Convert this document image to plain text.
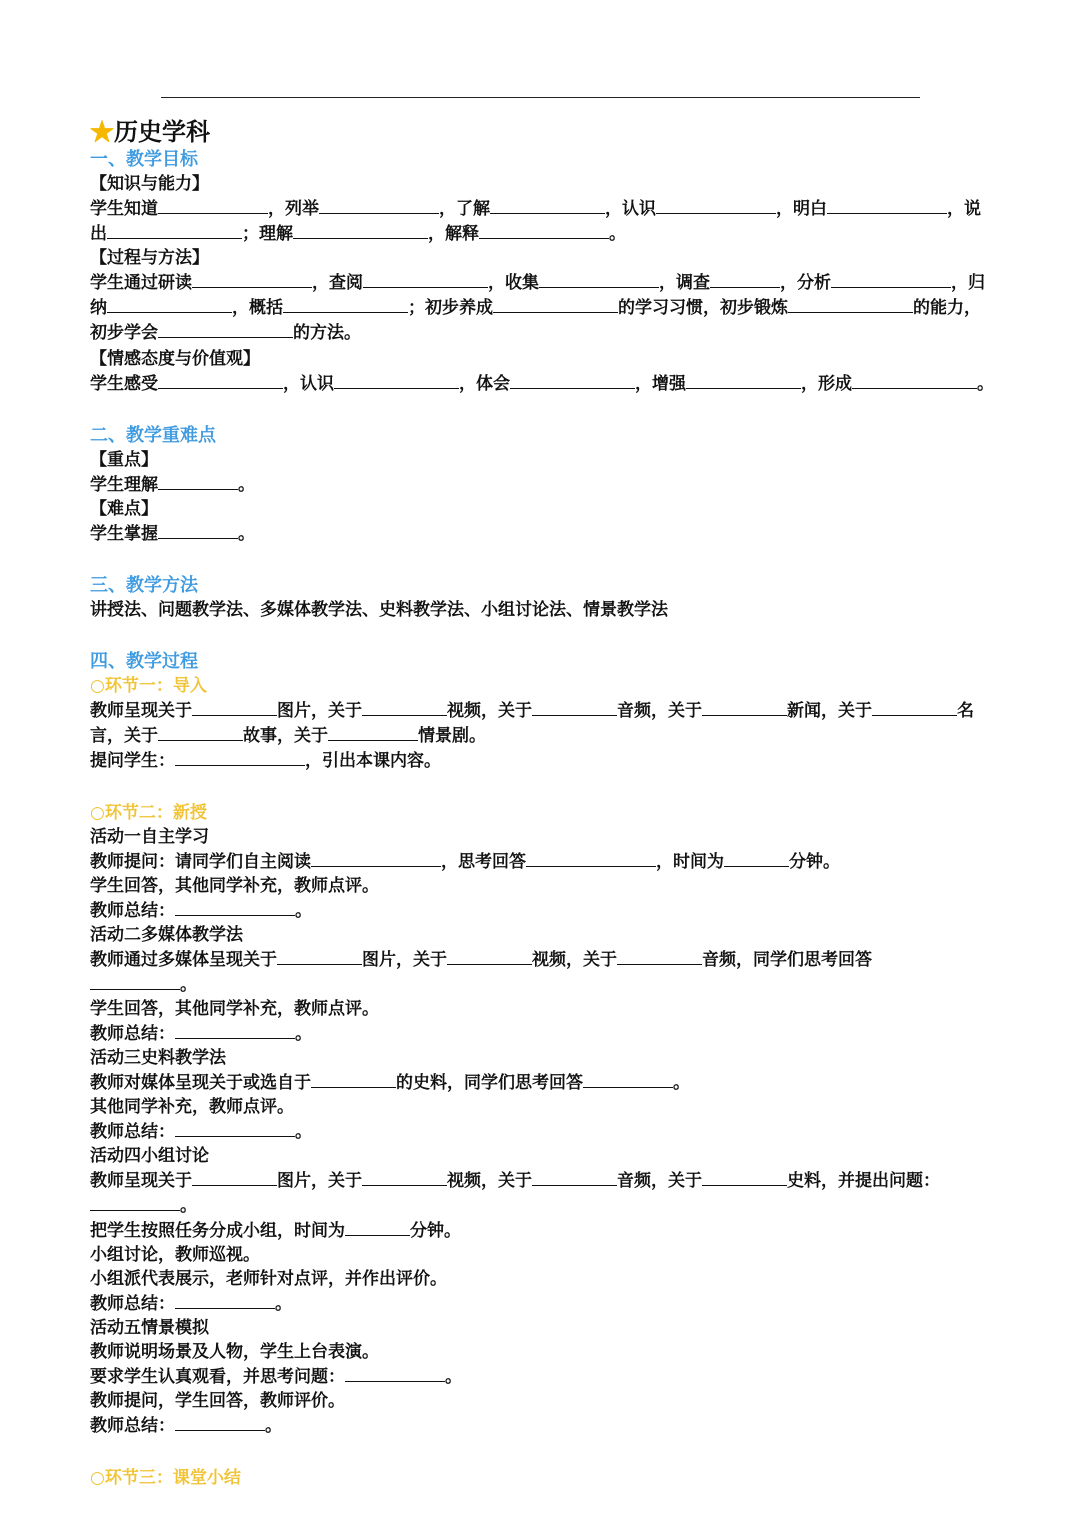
★历史学科
一、教学目标
【知识与能力】
学生知道	，列举	，了解	，认识	，明白	，说
出	；理解	，解释	。
【过程与方法】
学生通过研读	，查阅	，收集	，调查	，分析	，归
纳	，概括	；初步养成	的学习习惯，初步锻炼	的能力，
初步学会	的方法。
【情感态度与价值观】
学生感受	，认识	，体会	，增强	，形成	。
二、教学重难点
【重点】
学生理解	。
【难点】
学生掌握	。
三、教学方法
讲授法、问题教学法、多媒体教学法、史料教学法、小组讨论法、情景教学法
四、教学过程
○环节一：导入
教师呈现关于	图片，关于	视频，关于	音频，关于	新闻，关于	名
言，关于	故事，关于	情景剧。
提问学生：	，引出本课内容。
○环节二：新授
活动一自主学习
教师提问：请同学们自主阅读	，思考回答	，时间为	分钟。
学生回答，其他同学补充，教师点评。
教师总结：	。
活动二多媒体教学法
教师通过多媒体呈现关于	图片，关于	视频，关于	音频，同学们思考回答
。
学生回答，其他同学补充，教师点评。
教师总结：	。
活动三史料教学法
教师对媒体呈现关于或选自于	的史料，同学们思考回答	。
其他同学补充，教师点评。
教师总结：	。
活动四小组讨论
教师呈现关于	图片，关于	视频，关于	音频，关于	史料，并提出问题：
。
把学生按照任务分成小组，时间为	分钟。
小组讨论，教师巡视。
小组派代表展示，老师针对点评，并作出评价。
教师总结：	。
活动五情景模拟
教师说明场景及人物，学生上台表演。
要求学生认真观看，并思考问题：	。
教师提问，学生回答，教师评价。
教师总结：	。
○环节三：课堂小结
